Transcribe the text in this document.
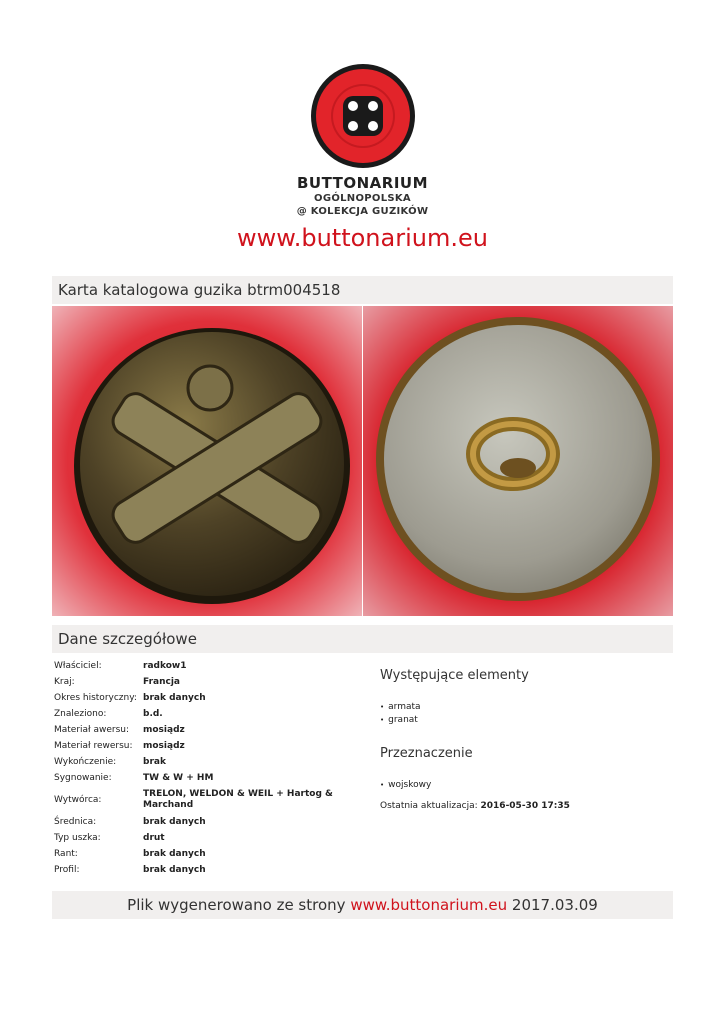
BUTTONARIUM
OGÓLNOPOLSKA
@ KOLEKCJA GUZIKÓW
www.buttonarium.eu
Karta katalogowa guzika btrm004518
Dane szczegółowe
Właściciel:	radkow1
Kraj:	Francja
Okres historyczny:	brak danych
Znaleziono:	b.d.
Materiał awersu:	mosiądz
Materiał rewersu:	mosiądz
Wykończenie:	brak
Sygnowanie:	TW & W + HM
Wytwórca:	TRELON, WELDON & WEIL + Hartog & Marchand
Średnica:	brak danych
Typ uszka:	drut
Rant:	brak danych
Profil:	brak danych
Występujące elementy
• armata
• granat
Przeznaczenie
• wojskowy
Ostatnia aktualizacja: 2016-05-30 17:35
Plik wygenerowano ze strony www.buttonarium.eu 2017.03.09
